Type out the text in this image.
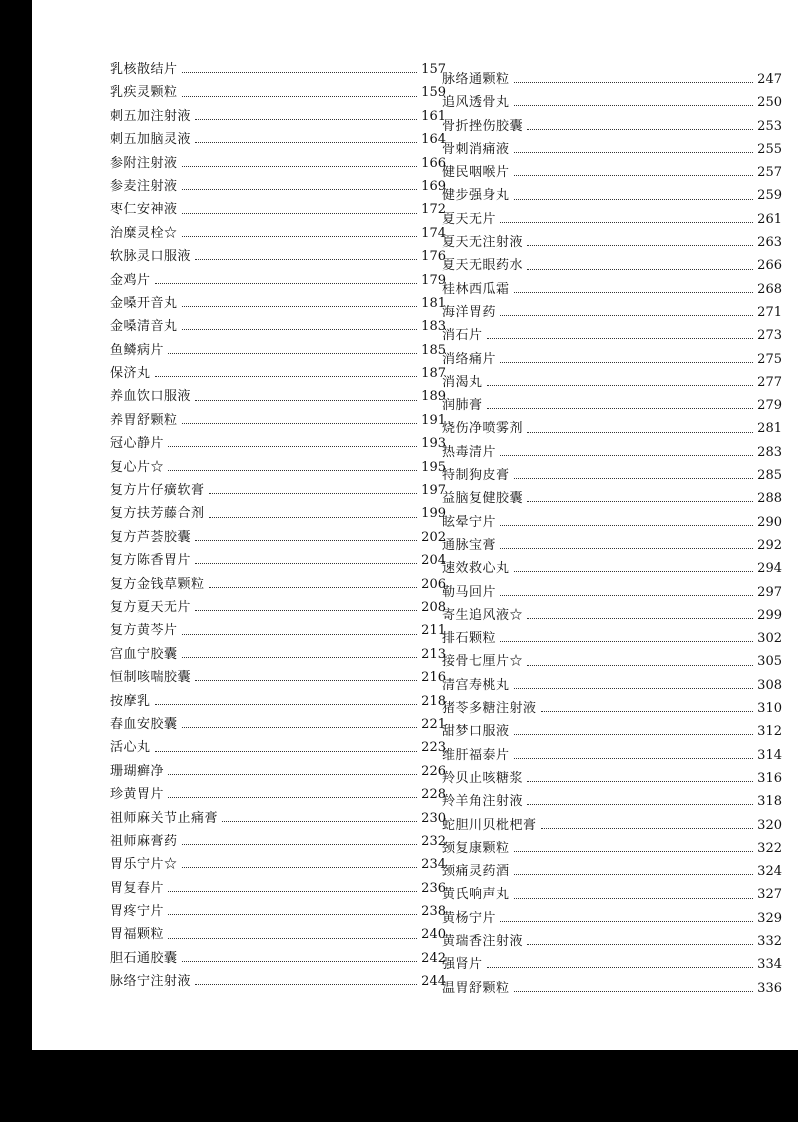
乳核散结片	157
乳疾灵颗粒	159
刺五加注射液	161
刺五加脑灵液	164
参附注射液	166
参麦注射液	169
枣仁安神液	172
治糜灵栓☆	174
软脉灵口服液	176
金鸡片	179
金嗓开音丸	181
金嗓清音丸	183
鱼鳞病片	185
保济丸	187
养血饮口服液	189
养胃舒颗粒	191
冠心静片	193
复心片☆	195
复方片仔癀软膏	197
复方扶芳藤合剂	199
复方芦荟胶囊	202
复方陈香胃片	204
复方金钱草颗粒	206
复方夏天无片	208
复方黄芩片	211
宫血宁胶囊	213
恒制咳喘胶囊	216
按摩乳	218
春血安胶囊	221
活心丸	223
珊瑚癣净	226
珍黄胃片	228
祖师麻关节止痛膏	230
祖师麻膏药	232
胃乐宁片☆	234
胃复春片	236
胃疼宁片	238
胃福颗粒	240
胆石通胶囊	242
脉络宁注射液	244
脉络通颗粒	247
追风透骨丸	250
骨折挫伤胶囊	253
骨刺消痛液	255
健民咽喉片	257
健步强身丸	259
夏天无片	261
夏天无注射液	263
夏天无眼药水	266
桂林西瓜霜	268
海洋胃药	271
消石片	273
消络痛片	275
消渴丸	277
润肺膏	279
烧伤净喷雾剂	281
热毒清片	283
特制狗皮膏	285
益脑复健胶囊	288
眩晕宁片	290
通脉宝膏	292
速效救心丸	294
勒马回片	297
寄生追风液☆	299
排石颗粒	302
接骨七厘片☆	305
清宫寿桃丸	308
猪苓多糖注射液	310
甜梦口服液	312
维肝福泰片	314
羚贝止咳糖浆	316
羚羊角注射液	318
蛇胆川贝枇杷膏	320
颈复康颗粒	322
颈痛灵药酒	324
黄氏响声丸	327
黄杨宁片	329
黄瑞香注射液	332
强肾片	334
温胃舒颗粒	336
